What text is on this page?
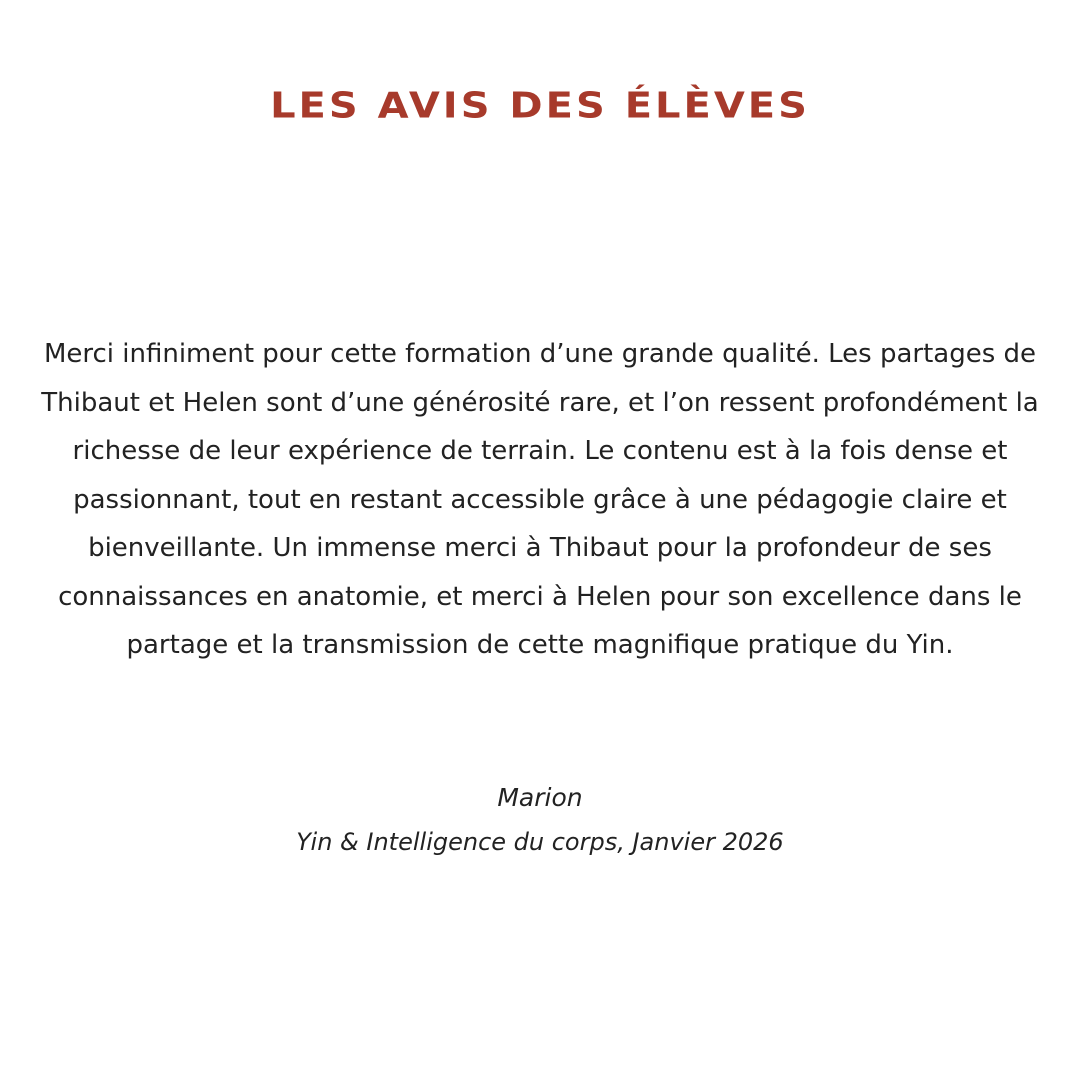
LES AVIS DES ÉLÈVES

Merci infiniment pour cette formation d’une grande qualité. Les partages de Thibaut et Helen sont d’une générosité rare, et l’on ressent profondément la richesse de leur expérience de terrain. Le contenu est à la fois dense et passionnant, tout en restant accessible grâce à une pédagogie claire et bienveillante. Un immense merci à Thibaut pour la profondeur de ses connaissances en anatomie, et merci à Helen pour son excellence dans le partage et la transmission de cette magnifique pratique du Yin.

Marion
Yin & Intelligence du corps, Janvier 2026
